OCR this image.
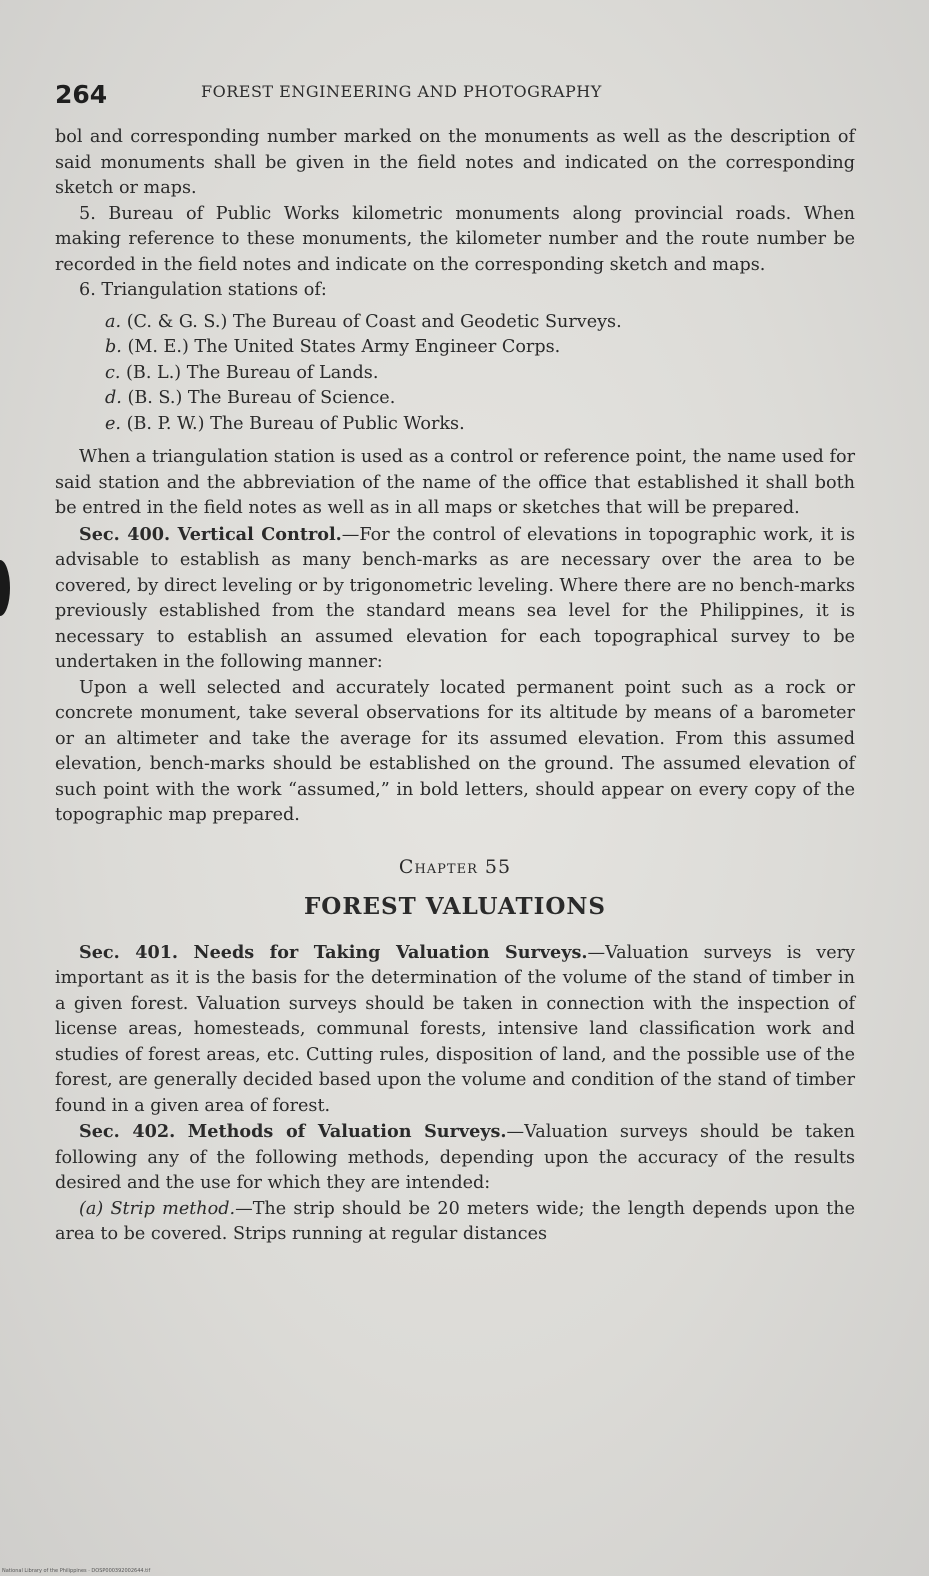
264	FOREST ENGINEERING AND PHOTOGRAPHY

bol and corresponding number marked on the monuments as well as the description of said monuments shall be given in the field notes and indicated on the corresponding sketch or maps.

5. Bureau of Public Works kilometric monuments along provincial roads. When making reference to these monuments, the kilometer number and the route number be recorded in the field notes and indicate on the corresponding sketch and maps.

6. Triangulation stations of:

a. (C. & G. S.) The Bureau of Coast and Geodetic Surveys.
b. (M. E.) The United States Army Engineer Corps.
c. (B. L.) The Bureau of Lands.
d. (B. S.) The Bureau of Science.
e. (B. P. W.) The Bureau of Public Works.

When a triangulation station is used as a control or reference point, the name used for said station and the abbreviation of the name of the office that established it shall both be entred in the field notes as well as in all maps or sketches that will be prepared.

Sec. 400. Vertical Control.—For the control of elevations in topographic work, it is advisable to establish as many bench-marks as are necessary over the area to be covered, by direct leveling or by trigonometric leveling. Where there are no bench-marks previously established from the standard means sea level for the Philippines, it is necessary to establish an assumed elevation for each topographical survey to be undertaken in the following manner:

Upon a well selected and accurately located permanent point such as a rock or concrete monument, take several observations for its altitude by means of a barometer or an altimeter and take the average for its assumed elevation. From this assumed elevation, bench-marks should be established on the ground. The assumed elevation of such point with the work “assumed,” in bold letters, should appear on every copy of the topographic map prepared.

Chapter 55
FOREST VALUATIONS

Sec. 401. Needs for Taking Valuation Surveys.—Valuation surveys is very important as it is the basis for the determination of the volume of the stand of timber in a given forest. Valuation surveys should be taken in connection with the inspection of license areas, homesteads, communal forests, intensive land classification work and studies of forest areas, etc. Cutting rules, disposition of land, and the possible use of the forest, are generally decided based upon the volume and condition of the stand of timber found in a given area of forest.

Sec. 402. Methods of Valuation Surveys.—Valuation surveys should be taken following any of the following methods, depending upon the accuracy of the results desired and the use for which they are intended:

(a) Strip method.—The strip should be 20 meters wide; the length depends upon the area to be covered. Strips running at regular distances

National Library of the Philippines · DOSP000392002644.tif
